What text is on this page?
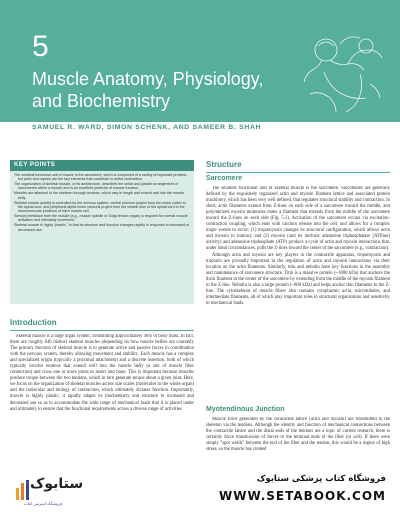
5
Muscle Anatomy, Physiology, and Biochemistry
SAMUEL R. WARD, SIMON SCHENK, AND SAMEER B. SHAH
KEY POINTS
The smallest functional unit of muscle is the sarcomere, which is composed of a variety of important proteins, but actin and myosin are the key elements that contribute to active contraction.
The organization of skeletal muscle, or its architecture, describes the serial and parallel arrangement of sarcomeres within a muscle and is an excellent predictor of muscle function.
Muscles are attached to the skeleton through tendons, which vary in length and extend well into the muscle belly.
Skeletal muscle activity is controlled by the nervous system; central neurons project from the motor cortex to the spinal cord, and peripheral alpha motor neurons project from the ventral horn of the spinal cord to the neuromuscular junctions of each muscle cell.
Sensory feedback from the muscle (e.g., muscle spindle or Golgi tendon organ) is required for normal muscle activation and ultimately movement.
Skeletal muscle is highly "plastic," in that its structure and function changes rapidly in response to increased or decreased use.
Introduction

Skeletal muscle is a large organ system, constituting approximately 40% of body mass. In fact, there are roughly 640 distinct skeletal muscles (depending on how muscle bellies are counted). The primary function of skeletal muscle is to generate active and passive forces in coordination with the nervous system, thereby allowing movement and stability. Each muscle has a complex and specialized origin (typically a proximal attachment) and a discrete insertion, both of which typically involve tendons that extend well into the muscle belly (a site of muscle fiber connection) and cross one or more joints to insert into bone. This is important because muscles produce torque between the two tendons, which in turn generate torque about a given joint. Here, we focus on the organization of skeletal muscles across size scales (molecules to the whole organ) and the molecular and biology of contraction, which ultimately dictates function. Importantly, muscle is highly plastic; it rapidly adapts its biochemistry and structure to increased and decreased use so as to accommodate the wide range of mechanical loads that it is placed under and ultimately to ensure that the functional requirements across a diverse range of activities

Structure
Sarcomere

The smallest functional unit of skeletal muscle is the sarcomere. Sarcomeres are generally defined by the exquisitely organized actin and myosin filament lattice and associated protein machinery, which has been very well defined, that regulates structural stability and contraction. In short, actin filaments extend from Z-lines on each side of a sarcomere toward the middle, and polymerized myosin molecules make a filament that extends from the middle of the sarcomere toward the Z-lines on each side (Fig. 5.1). Activation of the sarcomere occurs via excitation-contraction coupling, which ends with calcium release into the cell, and allows for a complex major events to occur: (1) tropomyosin changes its structural configuration, which allows actin and myosin to interact, and (2) myosin (and its intrinsic adenosine triphosphatase [ATPase] activity) and adenosine triphosphate (ATP) produce a cycle of actin and myosin interactions that, under ideal circumstances, pulls the Z-lines toward the center of the sarcomere (e.g., contraction).

Although actin and myosin are key players in the contractile apparatus, tropomyosin and troponin are pivotally important in the regulation of actin and myosin interactions via their location on the actin filaments. Similarly, titin and nebulin have key functions in the assembly and maintenance of sarcomere structure. Titin is a massive protein (~3000 kDa) that anchors the thick filament in the center of the sarcomere by extending from the middle of the myosin filament to the Z-line. Nebulin is also a large protein (~800 kDa) and helps anchor thin filaments to the Z-line. The cytoskeleton of muscle fibers also contains cytoplasmic actin, microtubules, and intermediate filaments, all of which play important roles in structural organization and sensitivity to mechanical loads.

Myotendinous Junction

Muscle force generated by the contractile lattice (actin and myosin) are transmitted to the skeleton via the tendons. Although the identity and function of mechanical connections between the contractile lattice and the distal ends of the tendons are a topic of current research, there is certainly force transmission of forces to the terminal ends of the fiber (or cell). If there were simply "spot welds" between the end of the fiber and the tendon, this would be a region of high stress, so the muscle has created

ستابوک
فروشگاه اینترنتی کتاب
فروشگاه کتاب پزشکی ستابوک
WWW.SETABOOK.COM
